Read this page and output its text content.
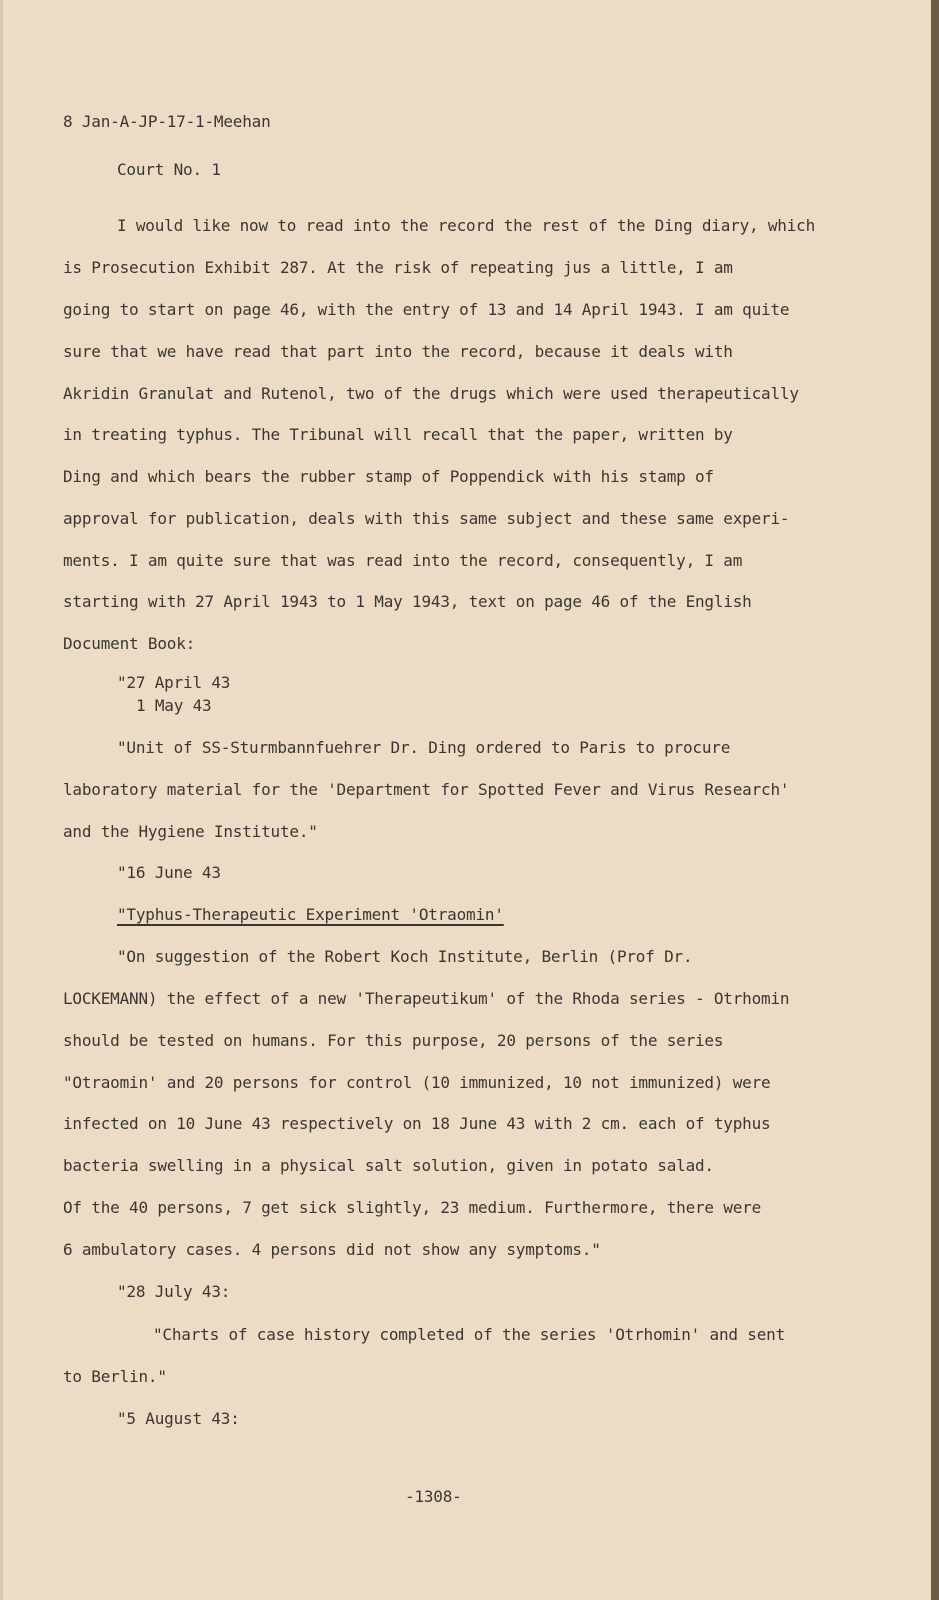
8 Jan-A-JP-17-1-Meehan
Court No. 1
I would like now to read into the record the rest of the Ding diary, which
is Prosecution Exhibit 287. At the risk of repeating jus a little, I am
going to start on page 46, with the entry of 13 and 14 April 1943. I am quite
sure that we have read that part into the record, because it deals with
Akridin Granulat and Rutenol, two of the drugs which were used therapeutically
in treating typhus. The Tribunal will recall that the paper, written by
Ding and which bears the rubber stamp of Poppendick with his stamp of
approval for publication, deals with this same subject and these same experi-
ments. I am quite sure that was read into the record, consequently, I am
starting with 27 April 1943 to 1 May 1943, text on page 46 of the English
Document Book:
"27 April 43
1 May 43
"Unit of SS-Sturmbannfuehrer Dr. Ding ordered to Paris to procure
laboratory material for the 'Department for Spotted Fever and Virus Research'
and the Hygiene Institute."
"16 June 43
"Typhus-Therapeutic Experiment 'Otraomin'
"On suggestion of the Robert Koch Institute, Berlin (Prof Dr.
LOCKEMANN) the effect of a new 'Therapeutikum' of the Rhoda series - Otrhomin
should be tested on humans. For this purpose, 20 persons of the series
"Otraomin' and 20 persons for control (10 immunized, 10 not immunized) were
infected on 10 June 43 respectively on 18 June 43 with 2 cm. each of typhus
bacteria swelling in a physical salt solution, given in potato salad.
Of the 40 persons, 7 get sick slightly, 23 medium. Furthermore, there were
6 ambulatory cases. 4 persons did not show any symptoms."
"28 July 43:
"Charts of case history completed of the series 'Otrhomin' and sent
to Berlin."
"5 August 43:
-1308-
